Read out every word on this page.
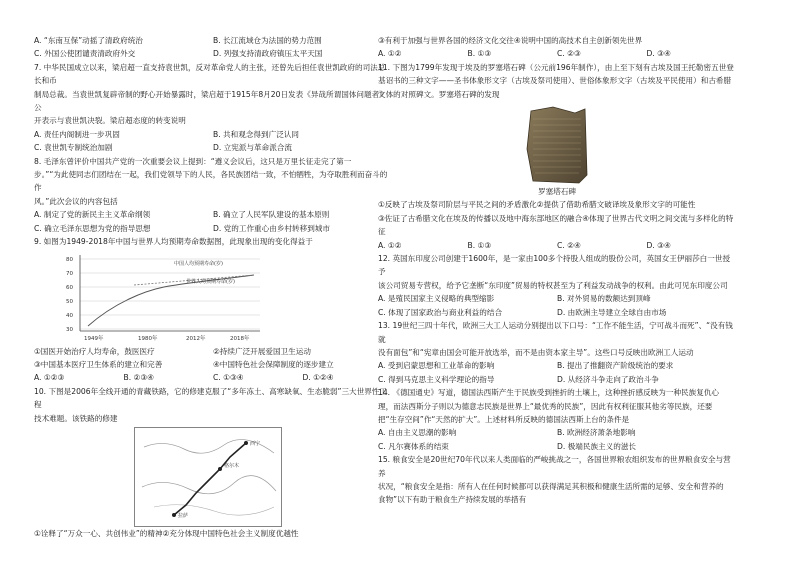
A. “东南互保”动摇了清政府统治	B. 长江流域仓为法国的势力范围
C. 外国公使团谴责清政府外交	D. 列强支持清政府镇压太平天国

7. 中华民国成立以来，梁启超一直支持袁世凯，反对革命党人的主张，还曾先后担任袁世凯政府的司法总长和币

制局总裁。当袁世凯复辟帝制的野心开始暴露时，梁启超于1915年8月20日发表《异哉所谓国体问题者》公

开表示与袁世凯决裂。梁启超态度的转变说明

A. 责任内阁制进一步巩固	B. 共和观念得到广泛认同
C. 袁世凯专制统治加剧	D. 立宪派与革命派合流

8. 毛泽东曾评价中国共产党的一次重要会议上提到：“遵义会议后，这只是万里长征走完了第一

步。”“为此使同志们团结在一起，我们党领导下的人民，各民族团结一致，不怕牺牲，为夺取胜利而奋斗的作

风。”此次会议的内容包括

A. 制定了党的新民主主义革命纲领	B. 确立了人民军队建设的基本原则
C. 确立毛泽东思想为党的指导思想	D. 党的工作重心由乡村转移到城市

9. 如图为1949-2018年中国与世界人均预期寿命数据图，此现象出现的变化得益于

80
70
60
50
40
30
1949年	1980年	2012年	2018年
中国人均预期寿命(岁)
世界人均预期寿命(岁)
①国医开始治疗人均寿命，鼓医医疗	②持续广泛开展爱国卫生运动
③中国基本医疗卫生体系的建立和完善	④中国特色社会保障制度的逐步建立
A. ①②③	B. ②③④	C. ①③④	D. ①②④

10. 下图是2006年全线开通的青藏铁路，它的修建克服了“多年冻土、高寒缺氧、生态脆弱”三大世界性工程

技术难题。该铁路的修建

格尔木
拉萨
西宁

①诠释了“万众一心、共创伟业”的精神②充分体现中国特色社会主义制度优越性

③有利于加强与世界各国的经济文化交往④说明中国的高技术自主创新领先世界

A. ①②	B. ①③	C. ②③	D. ③④

11. 下图为1799年发现于埃及的罗塞塔石碑（公元前196年制作），由上至下刻有古埃及国王托勒密五世登

基诏书的三种文字——圣书体象形文字（古埃及祭司使用）、世俗体象形文字（古埃及平民使用）和古希腊

文体的对照碑文。罗塞塔石碑的发现

罗塞塔石碑

①反映了古埃及祭司阶层与平民之间的矛盾激化②提供了借助希腊文破译埃及象形文字的可能性

③佐证了古希腊文化在埃及的传播以及地中海东部地区的融合④体现了世界古代文明之间交流与多样化的特征

A. ①②	B. ①③	C. ②④	D. ③④

12. 英国东印度公司创建于1600年，是一家由100多个持股人组成的股份公司，英国女王伊丽莎白一世授予

该公司贸易专营权，给予它垄断“东印度”贸易的特权甚至为了利益发动战争的权利。由此可见东印度公司

A. 是殖民国家主义侵略的典型缩影	B. 对外贸易的数额达到顶峰
C. 体现了国家政治与商业利益的结合	D. 由欧洲主导建立全球自由市场

13. 19世纪三四十年代，欧洲三大工人运动分别提出以下口号：“工作不能生活，宁可战斗而死”、“没有钱就

没有面包”和“宪章由国会可能开放选举，而不是由资本家主导”。这些口号反映出欧洲工人运动

A. 受到启蒙思想和工业革命的影响	B. 提出了推翻资产阶级统治的要求
C. 得到马克思主义科学理论的指导	D. 从经济斗争走向了政治斗争

14. 《德国通史》写道，德国法西斯产生于民族受到挫折的土壤上，这种挫折感反映为一种民族复仇心

理，而法西斯分子则以为德意志民族是世界上“最优秀的民族”，因此有权利征服其他劣等民族，还要

把“生存空间”作“天然的扩大”。上述材料所反映的德国法西斯上台的条件是

A. 自由主义思潮的影响	B. 欧洲经济萧条地影响
C. 凡尔赛体系的结束	D. 极端民族主义的滋长

15. 粮食安全是20世纪70年代以来人类面临的严峻挑战之一，各国世界粮农组织发布的世界粮食安全与营养

状况，“粮食安全是指：所有人在任何时候都可以获得满足其积极和健康生活所需的足够、安全和营养的

食物”以下有助于粮食生产持续发展的举措有
